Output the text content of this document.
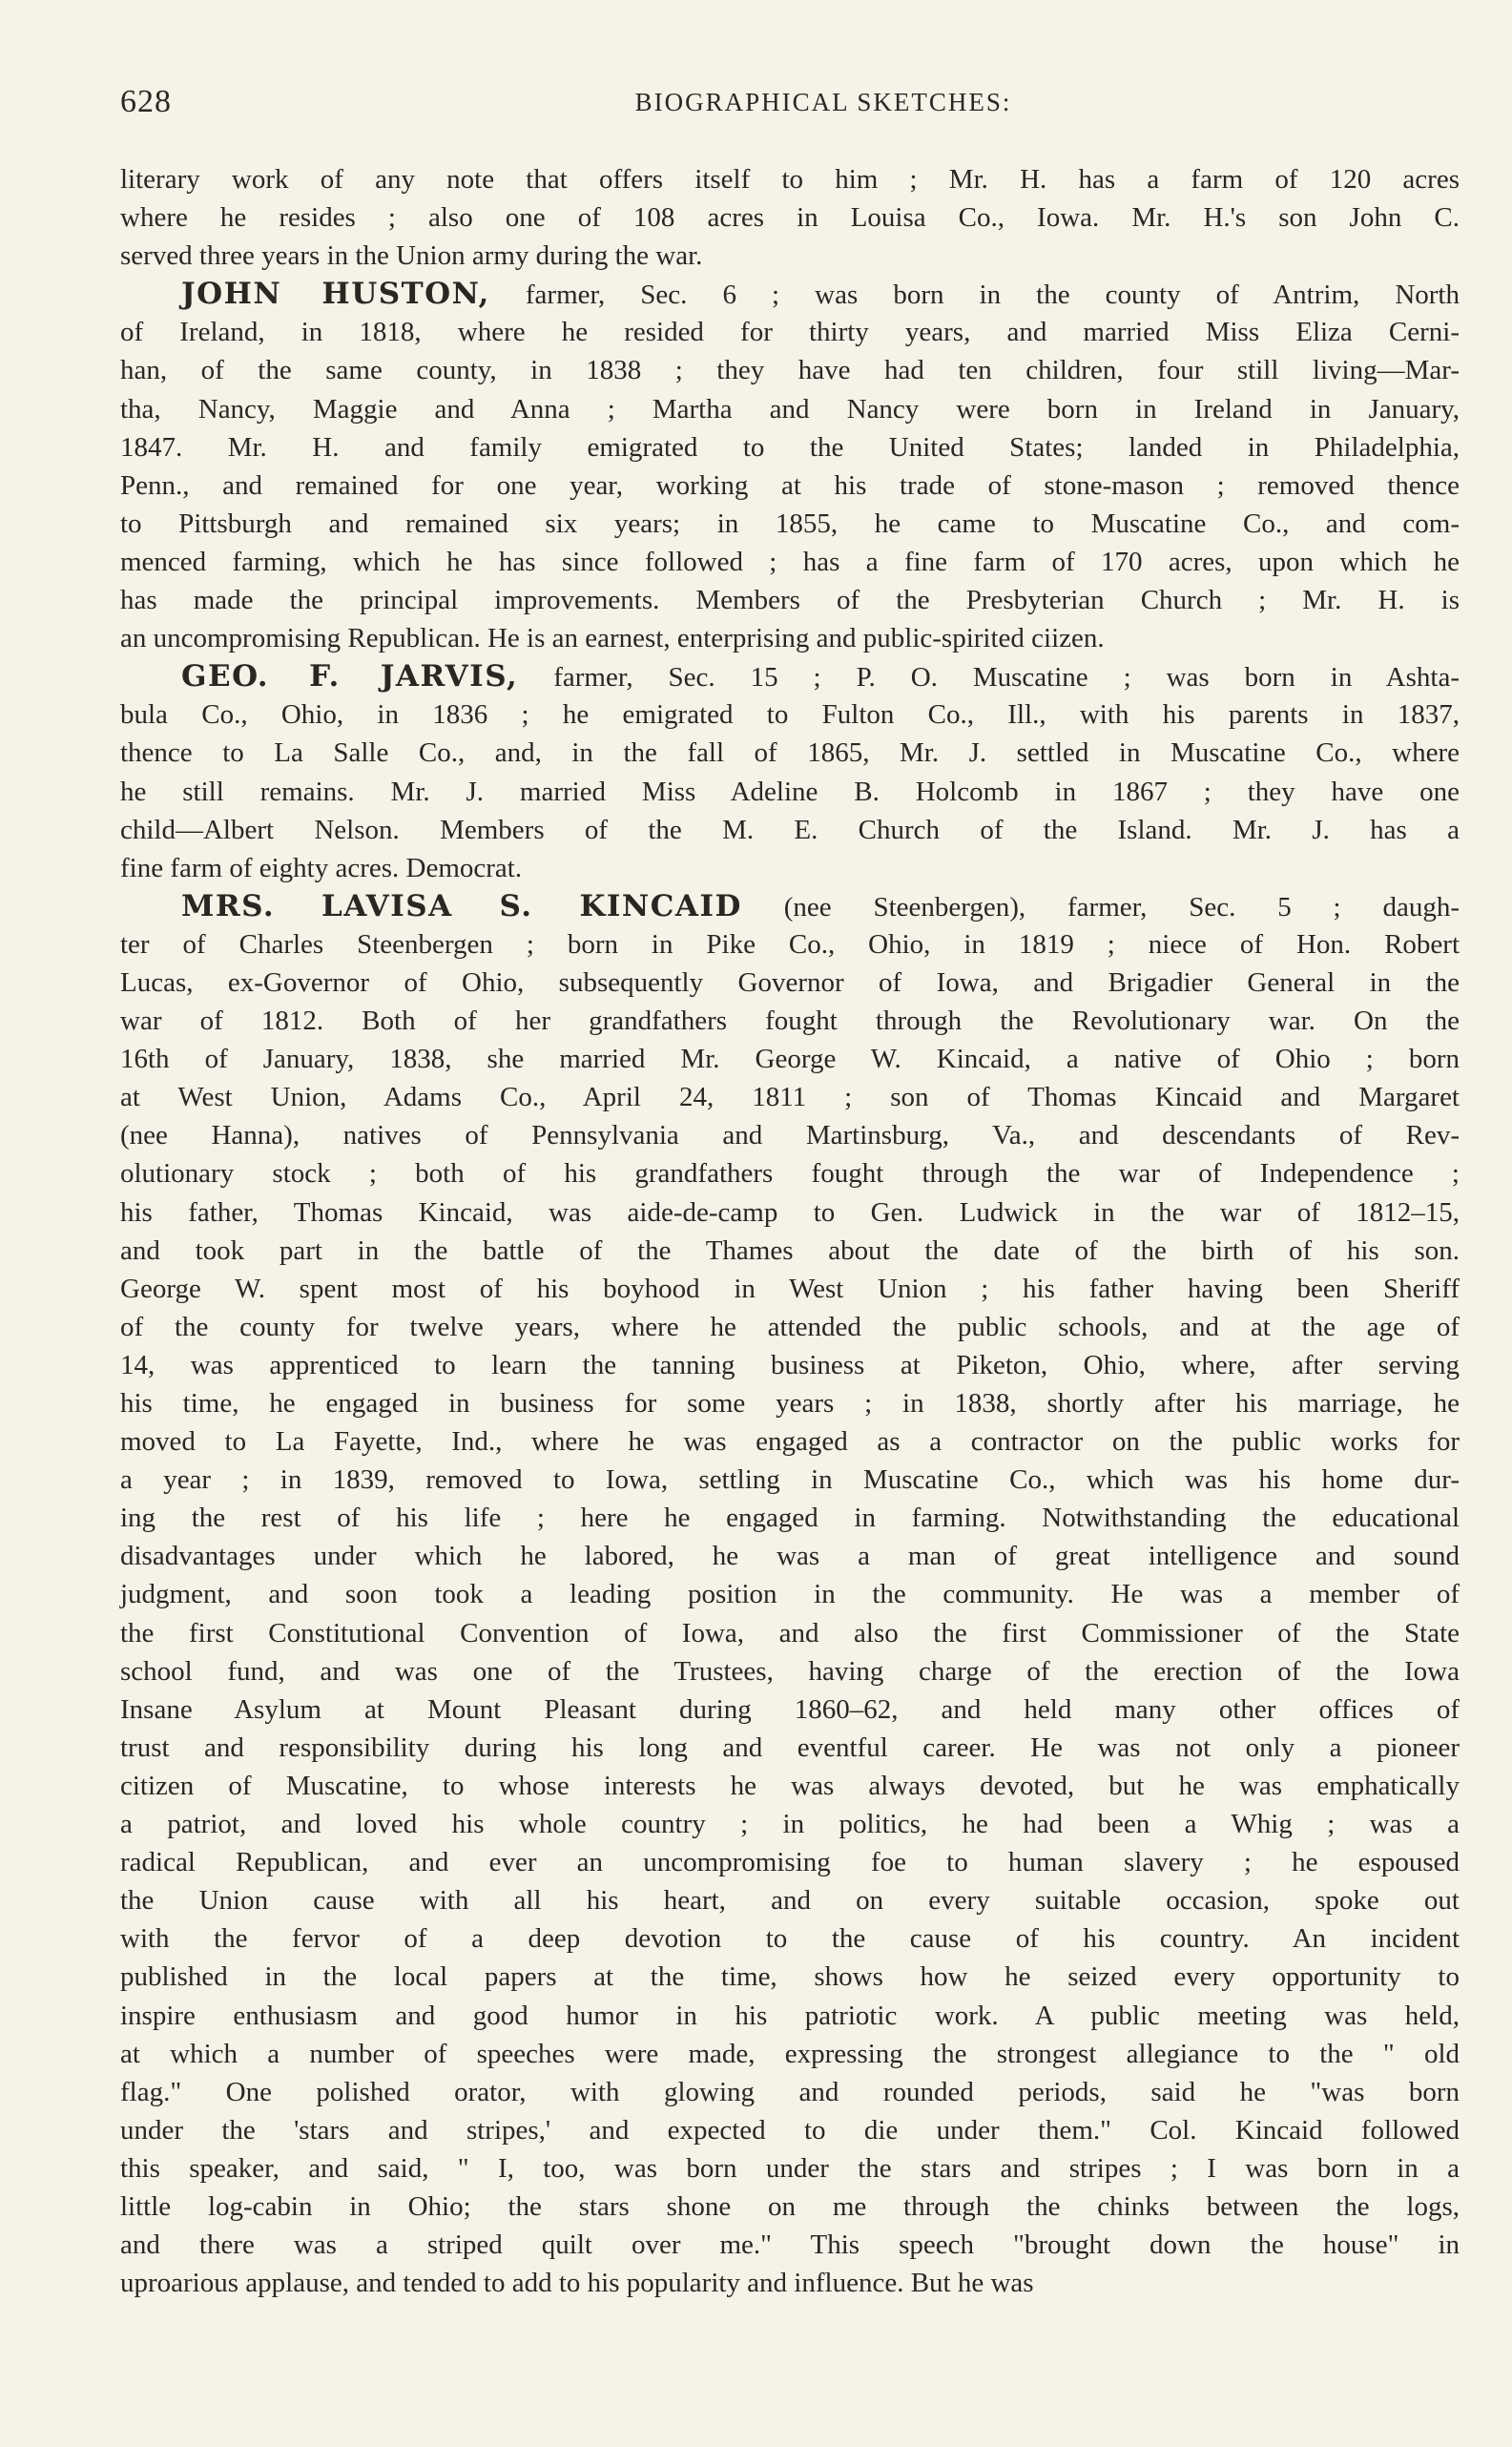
628	BIOGRAPHICAL SKETCHES:
literary work of any note that offers itself to him ; Mr. H. has a farm of 120 acres
where he resides ; also one of 108 acres in Louisa Co., Iowa. Mr. H.'s son John C.
served three years in the Union army during the war.
JOHN HUSTON, farmer, Sec. 6 ; was born in the county of Antrim, North
of Ireland, in 1818, where he resided for thirty years, and married Miss Eliza Cerni-
han, of the same county, in 1838 ; they have had ten children, four still living—Mar-
tha, Nancy, Maggie and Anna ; Martha and Nancy were born in Ireland in January,
1847. Mr. H. and family emigrated to the United States; landed in Philadelphia,
Penn., and remained for one year, working at his trade of stone-mason ; removed thence
to Pittsburgh and remained six years; in 1855, he came to Muscatine Co., and com-
menced farming, which he has since followed ; has a fine farm of 170 acres, upon which he
has made the principal improvements. Members of the Presbyterian Church ; Mr. H. is
an uncompromising Republican. He is an earnest, enterprising and public-spirited ciizen.
GEO. F. JARVIS, farmer, Sec. 15 ; P. O. Muscatine ; was born in Ashta-
bula Co., Ohio, in 1836 ; he emigrated to Fulton Co., Ill., with his parents in 1837,
thence to La Salle Co., and, in the fall of 1865, Mr. J. settled in Muscatine Co., where
he still remains. Mr. J. married Miss Adeline B. Holcomb in 1867 ; they have one
child—Albert Nelson. Members of the M. E. Church of the Island. Mr. J. has a
fine farm of eighty acres. Democrat.
MRS. LAVISA S. KINCAID (nee Steenbergen), farmer, Sec. 5 ; daugh-
ter of Charles Steenbergen ; born in Pike Co., Ohio, in 1819 ; niece of Hon. Robert
Lucas, ex-Governor of Ohio, subsequently Governor of Iowa, and Brigadier General in the
war of 1812. Both of her grandfathers fought through the Revolutionary war. On the
16th of January, 1838, she married Mr. George W. Kincaid, a native of Ohio ; born
at West Union, Adams Co., April 24, 1811 ; son of Thomas Kincaid and Margaret
(nee Hanna), natives of Pennsylvania and Martinsburg, Va., and descendants of Rev-
olutionary stock ; both of his grandfathers fought through the war of Independence ;
his father, Thomas Kincaid, was aide-de-camp to Gen. Ludwick in the war of 1812–15,
and took part in the battle of the Thames about the date of the birth of his son.
George W. spent most of his boyhood in West Union ; his father having been Sheriff
of the county for twelve years, where he attended the public schools, and at the age of
14, was apprenticed to learn the tanning business at Piketon, Ohio, where, after serving
his time, he engaged in business for some years ; in 1838, shortly after his marriage, he
moved to La Fayette, Ind., where he was engaged as a contractor on the public works for
a year ; in 1839, removed to Iowa, settling in Muscatine Co., which was his home dur-
ing the rest of his life ; here he engaged in farming. Notwithstanding the educational
disadvantages under which he labored, he was a man of great intelligence and sound
judgment, and soon took a leading position in the community. He was a member of
the first Constitutional Convention of Iowa, and also the first Commissioner of the State
school fund, and was one of the Trustees, having charge of the erection of the Iowa
Insane Asylum at Mount Pleasant during 1860–62, and held many other offices of
trust and responsibility during his long and eventful career. He was not only a pioneer
citizen of Muscatine, to whose interests he was always devoted, but he was emphatically
a patriot, and loved his whole country ; in politics, he had been a Whig ; was a
radical Republican, and ever an uncompromising foe to human slavery ; he espoused
the Union cause with all his heart, and on every suitable occasion, spoke out
with the fervor of a deep devotion to the cause of his country. An incident
published in the local papers at the time, shows how he seized every opportunity to
inspire enthusiasm and good humor in his patriotic work. A public meeting was held,
at which a number of speeches were made, expressing the strongest allegiance to the " old
flag." One polished orator, with glowing and rounded periods, said he "was born
under the 'stars and stripes,' and expected to die under them." Col. Kincaid followed
this speaker, and said, " I, too, was born under the stars and stripes ; I was born in a
little log-cabin in Ohio; the stars shone on me through the chinks between the logs,
and there was a striped quilt over me." This speech "brought down the house" in
uproarious applause, and tended to add to his popularity and influence. But he was
